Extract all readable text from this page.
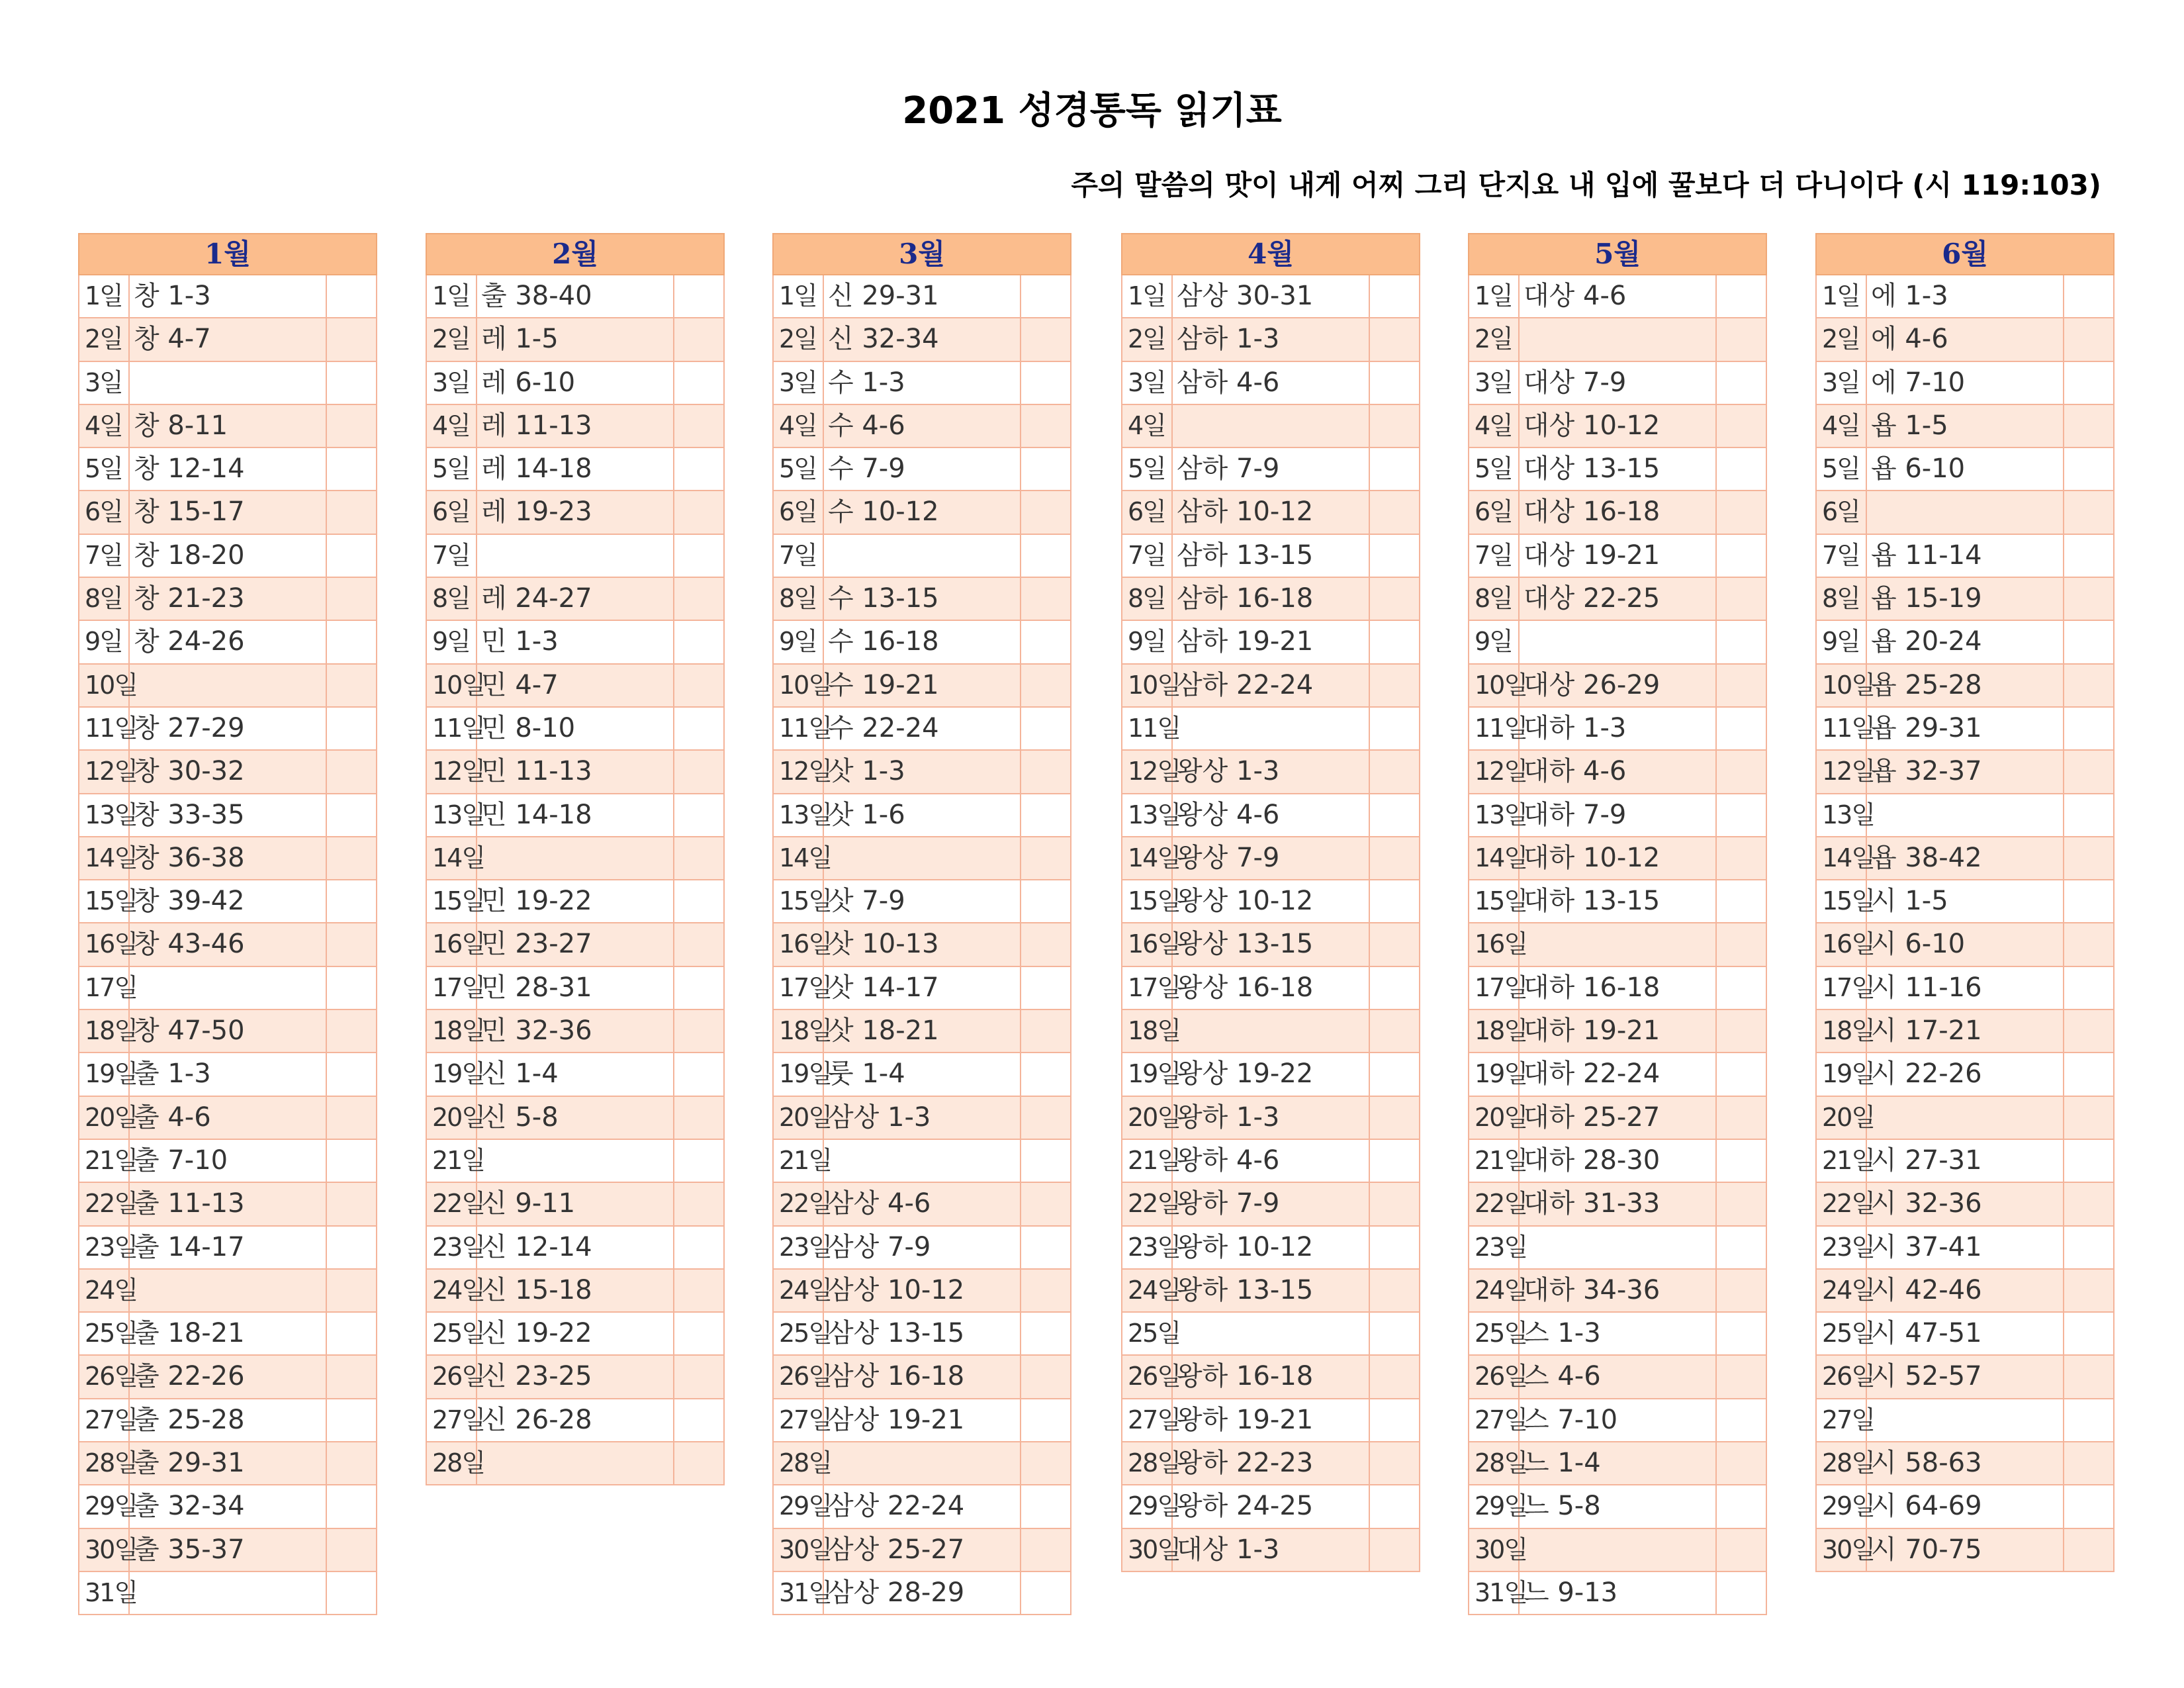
2021 성경통독 읽기표
주의 말씀의 맛이 내게 어찌 그리 단지요 내 입에 꿀보다 더 다니이다 (시 119:103)
1월
1일 창 1-3
2일 창 4-7
3일
4일 창 8-11
5일 창 12-14
6일 창 15-17
7일 창 18-20
8일 창 21-23
9일 창 24-26
10일
11일
창 27-29
12일
창 30-32
13일
창 33-35
14일
창 36-38
15일
창 39-42
16일
창 43-46
17일
18일
창 47-50
19일
출 1-3
20일
출 4-6
21일
출 7-10
22일
출 11-13
23일
출 14-17
24일
25일
출 18-21
26일
출 22-26
27일
출 25-28
28일
출 29-31
29일
출 32-34
30일
출 35-37
31일
2월
1일 출 38-40
2일 레 1-5
3일 레 6-10
4일 레 11-13
5일 레 14-18
6일 레 19-23
7일
8일 레 24-27
9일 민 1-3
10일
민 4-7
11일
민 8-10
12일
민 11-13
13일
민 14-18
14일
15일
민 19-22
16일
민 23-27
17일
민 28-31
18일
민 32-36
19일
신 1-4
20일
신 5-8
21일
22일
신 9-11
23일
신 12-14
24일
신 15-18
25일
신 19-22
26일
신 23-25
27일
신 26-28
28일
3월
1일 신 29-31
2일 신 32-34
3일 수 1-3
4일 수 4-6
5일 수 7-9
6일 수 10-12
7일
8일 수 13-15
9일 수 16-18
10일
수 19-21
11일
수 22-24
12일
삿 1-3
13일
삿 1-6
14일
15일
삿 7-9
16일
삿 10-13
17일
삿 14-17
18일
삿 18-21
19일
룻 1-4
20일
삼상 1-3
21일
22일
삼상 4-6
23일
삼상 7-9
24일
삼상 10-12
25일
삼상 13-15
26일
삼상 16-18
27일
삼상 19-21
28일
29일
삼상 22-24
30일
삼상 25-27
31일
삼상 28-29
4월
1일 삼상 30-31
2일 삼하 1-3
3일 삼하 4-6
4일
5일 삼하 7-9
6일 삼하 10-12
7일 삼하 13-15
8일 삼하 16-18
9일 삼하 19-21
10일
삼하 22-24
11일
12일
왕상 1-3
13일
왕상 4-6
14일
왕상 7-9
15일
왕상 10-12
16일
왕상 13-15
17일
왕상 16-18
18일
19일
왕상 19-22
20일
왕하 1-3
21일
왕하 4-6
22일
왕하 7-9
23일
왕하 10-12
24일
왕하 13-15
25일
26일
왕하 16-18
27일
왕하 19-21
28일
왕하 22-23
29일
왕하 24-25
30일
대상 1-3
5월
1일 대상 4-6
2일
3일 대상 7-9
4일 대상 10-12
5일 대상 13-15
6일 대상 16-18
7일 대상 19-21
8일 대상 22-25
9일
10일
대상 26-29
11일
대하 1-3
12일
대하 4-6
13일
대하 7-9
14일
대하 10-12
15일
대하 13-15
16일
17일
대하 16-18
18일
대하 19-21
19일
대하 22-24
20일
대하 25-27
21일
대하 28-30
22일
대하 31-33
23일
24일
대하 34-36
25일
스 1-3
26일
스 4-6
27일
스 7-10
28일
느 1-4
29일
느 5-8
30일
31일
느 9-13
6월
1일 에 1-3
2일 에 4-6
3일 에 7-10
4일 욥 1-5
5일 욥 6-10
6일
7일 욥 11-14
8일 욥 15-19
9일 욥 20-24
10일
욥 25-28
11일
욥 29-31
12일
욥 32-37
13일
14일
욥 38-42
15일
시 1-5
16일
시 6-10
17일
시 11-16
18일
시 17-21
19일
시 22-26
20일
21일
시 27-31
22일
시 32-36
23일
시 37-41
24일
시 42-46
25일
시 47-51
26일
시 52-57
27일
28일
시 58-63
29일
시 64-69
30일
시 70-75
